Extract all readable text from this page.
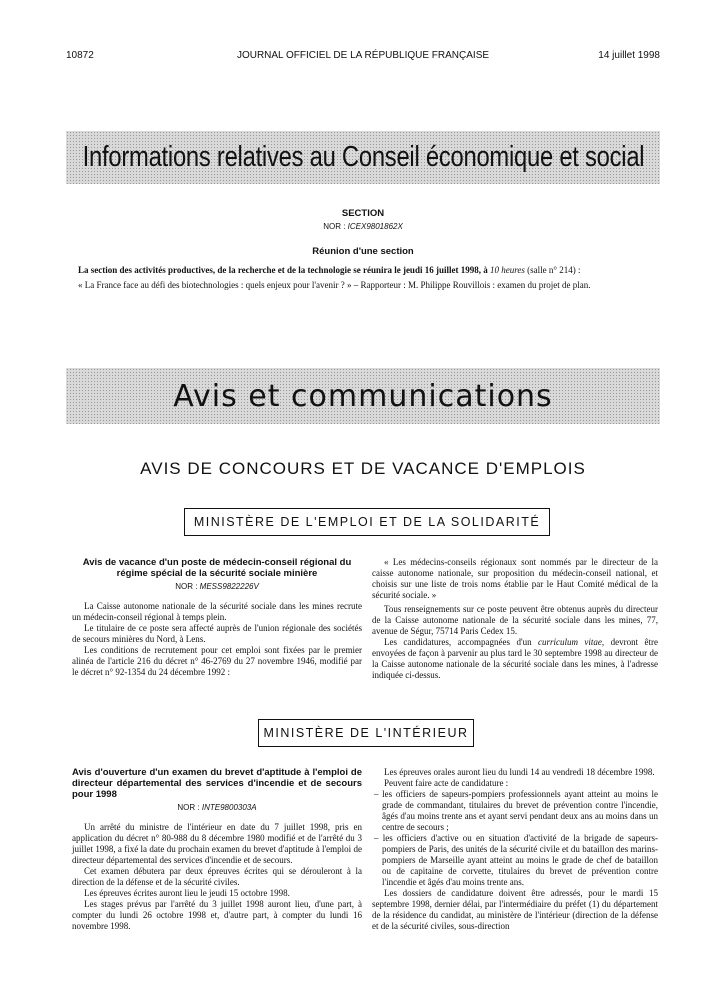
10872	JOURNAL OFFICIEL DE LA RÉPUBLIQUE FRANÇAISE	14 juillet 1998
Informations relatives au Conseil économique et social
SECTION
NOR : ICEX9801862X
Réunion d'une section

La section des activités productives, de la recherche et de la technologie se réunira le jeudi 16 juillet 1998, à 10 heures (salle n° 214) :

« La France face au défi des biotechnologies : quels enjeux pour l'avenir ? » – Rapporteur : M. Philippe Rouvillois : examen du projet de plan.

Avis et communications
AVIS DE CONCOURS ET DE VACANCE D'EMPLOIS
MINISTÈRE DE L'EMPLOI ET DE LA SOLIDARITÉ
Avis de vacance d'un poste de médecin-conseil régional du régime spécial de la sécurité sociale minière
NOR : MESS9822226V

La Caisse autonome nationale de la sécurité sociale dans les mines recrute un médecin-conseil régional à temps plein.

Le titulaire de ce poste sera affecté auprès de l'union régionale des sociétés de secours minières du Nord, à Lens.

Les conditions de recrutement pour cet emploi sont fixées par le premier alinéa de l'article 216 du décret n° 46-2769 du 27 novembre 1946, modifié par le décret n° 92-1354 du 24 décembre 1992 :

« Les médecins-conseils régionaux sont nommés par le directeur de la caisse autonome nationale, sur proposition du médecin-conseil national, et choisis sur une liste de trois noms établie par le Haut Comité médical de la sécurité sociale. »

Tous renseignements sur ce poste peuvent être obtenus auprès du directeur de la Caisse autonome nationale de la sécurité sociale dans les mines, 77, avenue de Ségur, 75714 Paris Cedex 15.

Les candidatures, accompagnées d'un curriculum vitae, devront être envoyées de façon à parvenir au plus tard le 30 septembre 1998 au directeur de la Caisse autonome nationale de la sécurité sociale dans les mines, à l'adresse indiquée ci-dessus.

MINISTÈRE DE L'INTÉRIEUR
Avis d'ouverture d'un examen du brevet d'aptitude à l'emploi de directeur départemental des services d'incendie et de secours pour 1998
NOR : INTE9800303A

Un arrêté du ministre de l'intérieur en date du 7 juillet 1998, pris en application du décret n° 80-988 du 8 décembre 1980 modifié et de l'arrêté du 3 juillet 1998, a fixé la date du prochain examen du brevet d'aptitude à l'emploi de directeur départemental des services d'incendie et de secours.

Cet examen débutera par deux épreuves écrites qui se dérouleront à la direction de la défense et de la sécurité civiles.

Les épreuves écrites auront lieu le jeudi 15 octobre 1998.

Les stages prévus par l'arrêté du 3 juillet 1998 auront lieu, d'une part, à compter du lundi 26 octobre 1998 et, d'autre part, à compter du lundi 16 novembre 1998.

Les épreuves orales auront lieu du lundi 14 au vendredi 18 décembre 1998.

Peuvent faire acte de candidature :

– les officiers de sapeurs-pompiers professionnels ayant atteint au moins le grade de commandant, titulaires du brevet de prévention contre l'incendie, âgés d'au moins trente ans et ayant servi pendant deux ans au moins dans un centre de secours ;

– les officiers d'active ou en situation d'activité de la brigade de sapeurs-pompiers de Paris, des unités de la sécurité civile et du bataillon des marins-pompiers de Marseille ayant atteint au moins le grade de chef de bataillon ou de capitaine de corvette, titulaires du brevet de prévention contre l'incendie et âgés d'au moins trente ans.

Les dossiers de candidature doivent être adressés, pour le mardi 15 septembre 1998, dernier délai, par l'intermédiaire du préfet (1) du département de la résidence du candidat, au ministère de l'intérieur (direction de la défense et de la sécurité civiles, sous-direction
